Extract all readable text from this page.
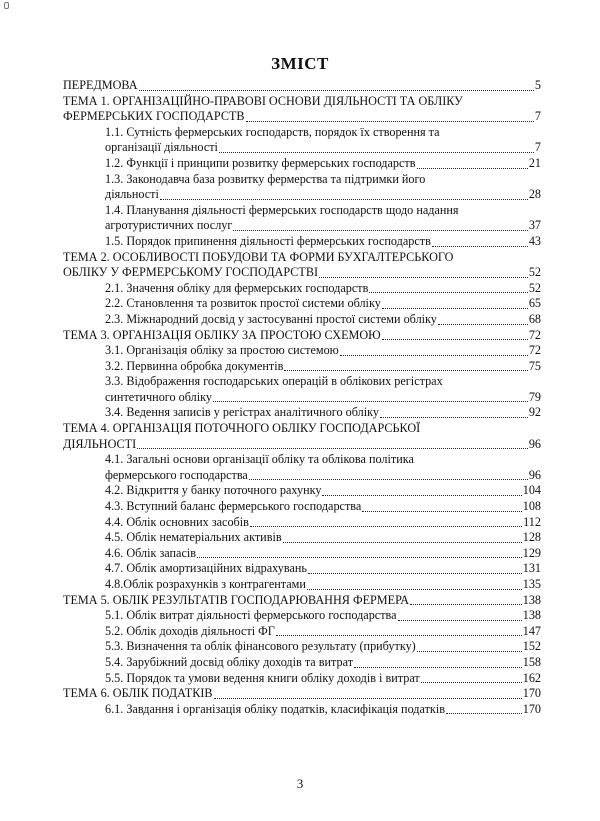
ЗМІСТ
ПЕРЕДМОВА	5
ТЕМА 1. ОРГАНІЗАЦІЙНО-ПРАВОВІ ОСНОВИ ДІЯЛЬНОСТІ ТА ОБЛІКУ
ФЕРМЕРСЬКИХ ГОСПОДАРСТВ	7
1.1. Сутність фермерських господарств, порядок їх створення та
організації діяльності	7
1.2. Функції і принципи розвитку фермерських господарств	21
1.3. Законодавча база розвитку фермерства та підтримки його
діяльності	28
1.4. Планування діяльності фермерських господарств щодо надання
агротуристичних послуг	37
1.5. Порядок припинення діяльності фермерських господарств	43
ТЕМА 2. ОСОБЛИВОСТІ ПОБУДОВИ ТА ФОРМИ БУХГАЛТЕРСЬКОГО
ОБЛІКУ У ФЕРМЕРСЬКОМУ ГОСПОДАРСТВІ	52
2.1. Значення обліку для фермерських господарств	52
2.2. Становлення та розвиток простої системи обліку	65
2.3. Міжнародний досвід у застосуванні простої системи обліку	68
ТЕМА 3. ОРГАНІЗАЦІЯ ОБЛІКУ ЗА ПРОСТОЮ СХЕМОЮ	72
3.1. Організація обліку за простою системою	72
3.2. Первинна обробка документів	75
3.3. Відображення господарських операцій в облікових регістрах
синтетичного обліку	79
3.4. Ведення записів у регістрах аналітичного обліку	92
ТЕМА 4. ОРГАНІЗАЦІЯ ПОТОЧНОГО ОБЛІКУ ГОСПОДАРСЬКОЇ
ДІЯЛЬНОСТІ	96
4.1. Загальні основи організації обліку та облікова політика
фермерського господарства	96
4.2. Відкриття у банку поточного рахунку	104
4.3. Вступний баланс фермерського господарства	108
4.4. Облік основних засобів	112
4.5. Облік нематеріальних активів	128
4.6. Облік запасів	129
4.7. Облік амортизаційних відрахувань	131
4.8.Облік розрахунків з контрагентами	135
ТЕМА 5. ОБЛІК РЕЗУЛЬТАТІВ ГОСПОДАРЮВАННЯ ФЕРМЕРА	138
5.1. Облік витрат діяльності фермерського господарства	138
5.2. Облік доходів діяльності ФГ	147
5.3. Визначення та облік фінансового результату (прибутку)	152
5.4. Зарубіжний досвід обліку доходів та витрат	158
5.5. Порядок та умови ведення книги обліку доходів і витрат	162
ТЕМА 6. ОБЛІК ПОДАТКІВ	170
6.1. Завдання і організація обліку податків, класифікація податків	170
3
